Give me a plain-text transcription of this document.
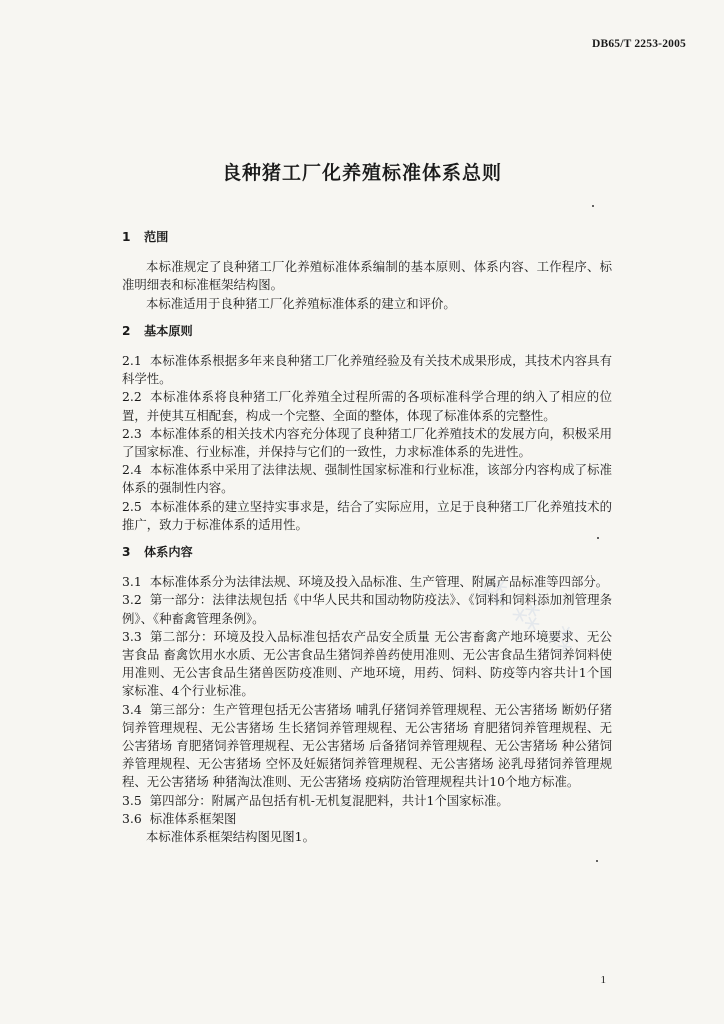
DB65/T 2253-2005
良种猪工厂化养殖标准体系总则
1 范围

本标准规定了良种猪工厂化养殖标准体系编制的基本原则、体系内容、工作程序、标准明细表和标准框架结构图。

本标准适用于良种猪工厂化养殖标准体系的建立和评价。

2 基本原则

2.1 本标准体系根据多年来良种猪工厂化养殖经验及有关技术成果形成，其技术内容具有科学性。

2.2 本标准体系将良种猪工厂化养殖全过程所需的各项标准科学合理的纳入了相应的位置，并使其互相配套，构成一个完整、全面的整体，体现了标准体系的完整性。

2.3 本标准体系的相关技术内容充分体现了良种猪工厂化养殖技术的发展方向，积极采用了国家标准、行业标准，并保持与它们的一致性，力求标准体系的先进性。

2.4 本标准体系中采用了法律法规、强制性国家标准和行业标准，该部分内容构成了标准体系的强制性内容。

2.5 本标准体系的建立坚持实事求是，结合了实际应用，立足于良种猪工厂化养殖技术的推广，致力于标准体系的适用性。

3 体系内容

3.1 本标准体系分为法律法规、环境及投入品标准、生产管理、附属产品标准等四部分。

3.2 第一部分：法律法规包括《中华人民共和国动物防疫法》、《饲料和饲料添加剂管理条例》、《种畜禽管理条例》。

3.3 第二部分：环境及投入品标准包括农产品安全质量 无公害畜禽产地环境要求、无公害食品 畜禽饮用水水质、无公害食品生猪饲养兽药使用准则、无公害食品生猪饲养饲料使用准则、无公害食品生猪兽医防疫准则、产地环境，用药、饲料、防疫等内容共计1个国家标准、4个行业标准。

3.4 第三部分：生产管理包括无公害猪场 哺乳仔猪饲养管理规程、无公害猪场 断奶仔猪饲养管理规程、无公害猪场 生长猪饲养管理规程、无公害猪场 育肥猪饲养管理规程、无公害猪场 育肥猪饲养管理规程、无公害猪场 后备猪饲养管理规程、无公害猪场 种公猪饲养管理规程、无公害猪场 空怀及妊娠猪饲养管理规程、无公害猪场 泌乳母猪饲养管理规程、无公害猪场 种猪淘汰准则、无公害猪场 疫病防治管理规程共计10个地方标准。

3.5 第四部分：附属产品包括有机-无机复混肥料，共计1个国家标准。

3.6 标准体系框架图

本标准体系框架结构图见图1。

⁂⁂⁂
1
